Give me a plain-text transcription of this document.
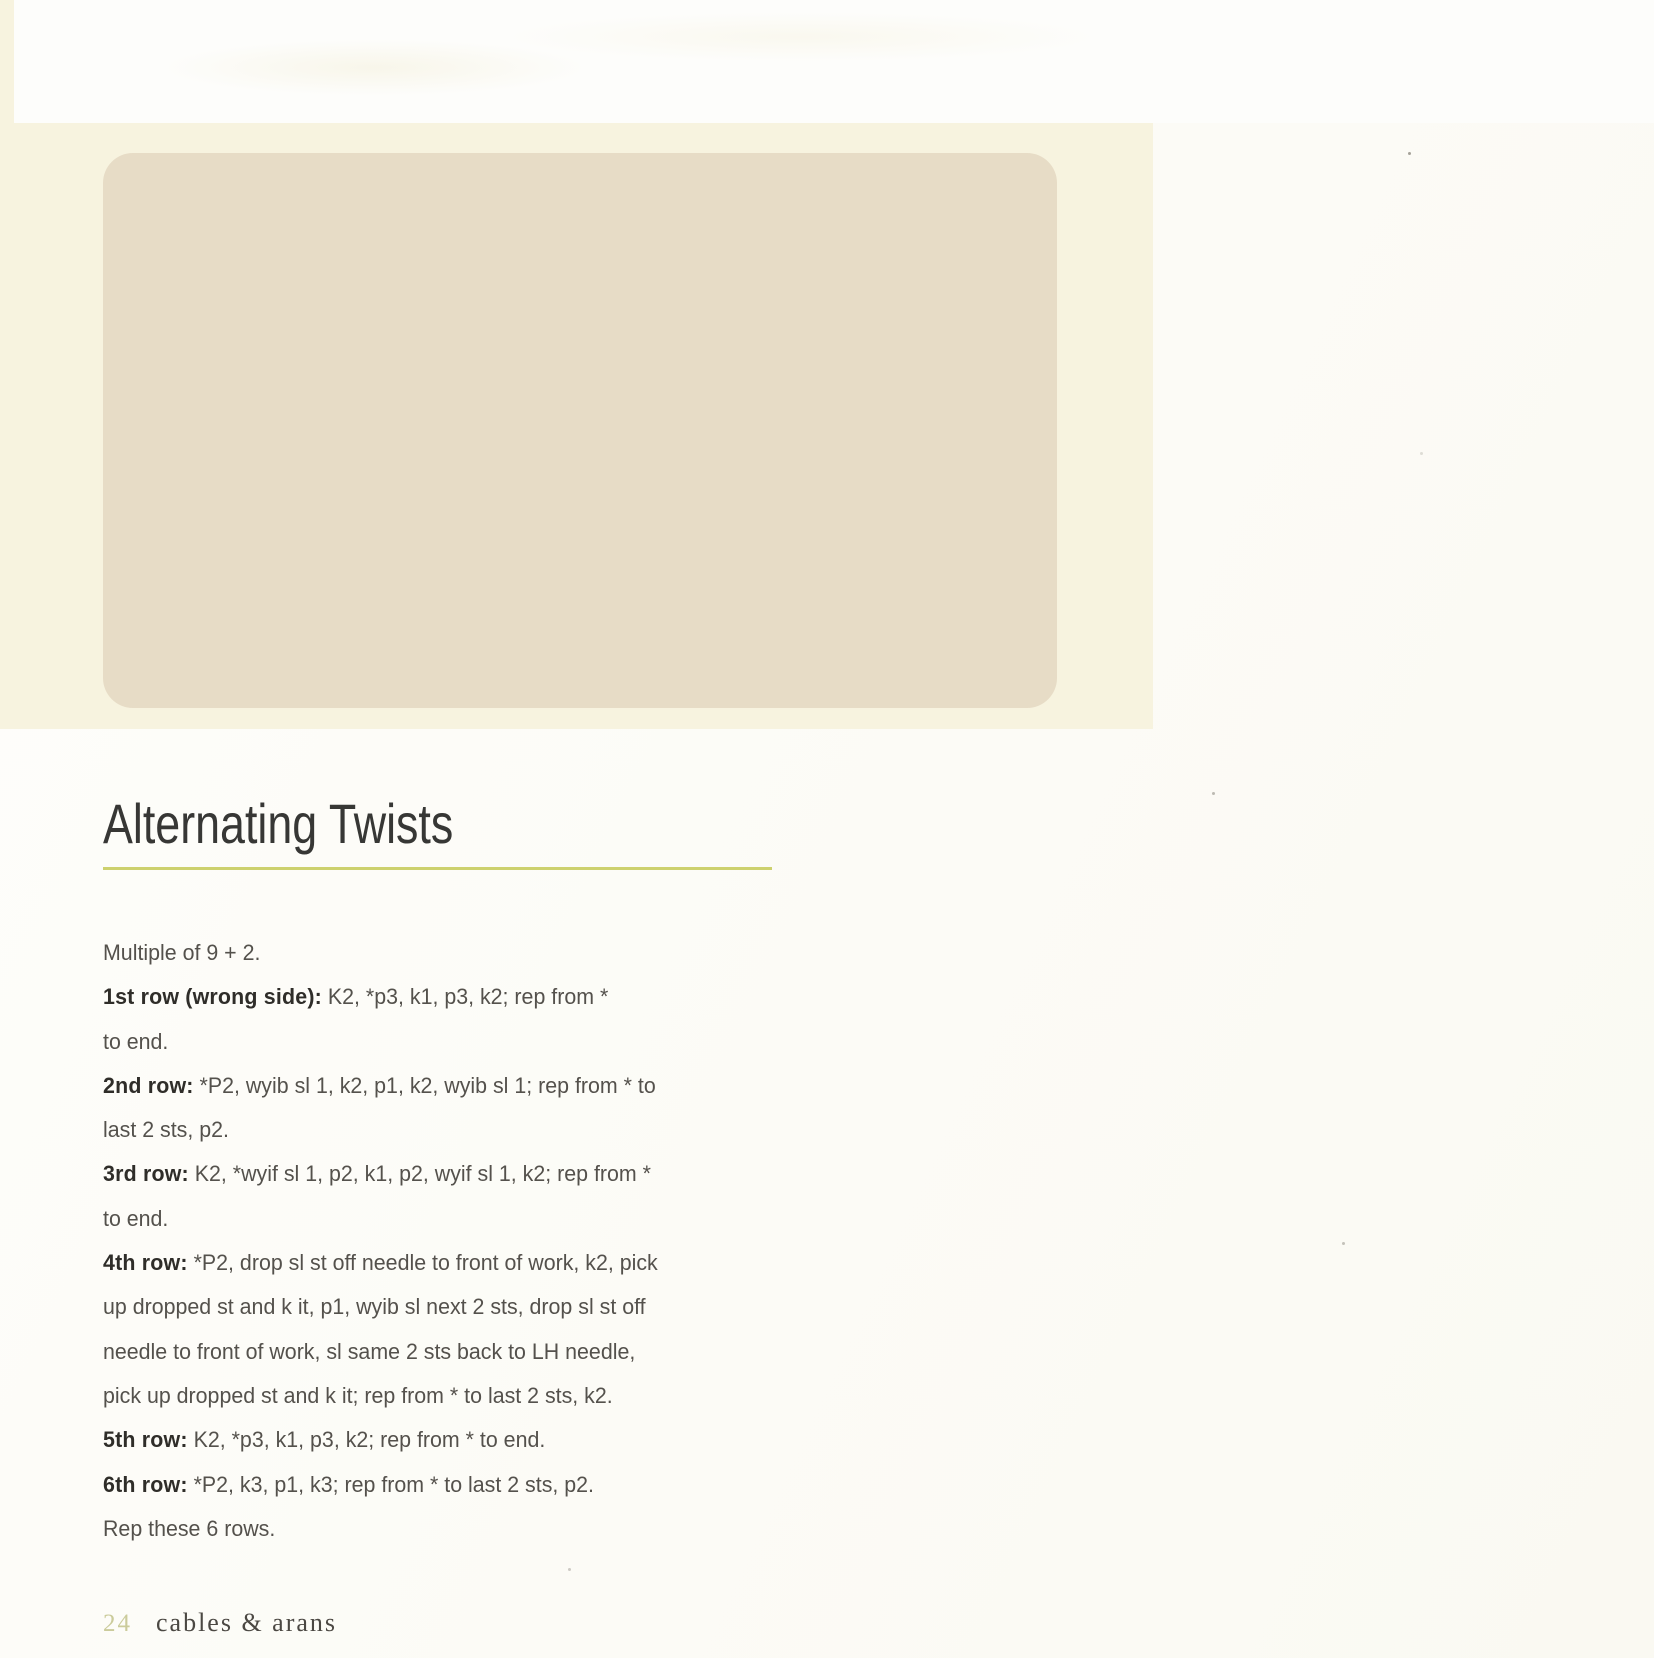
Alternating Twists
Multiple of 9 + 2.
1st row (wrong side): K2, *p3, k1, p3, k2; rep from *
to end.
2nd row: *P2, wyib sl 1, k2, p1, k2, wyib sl 1; rep from * to
last 2 sts, p2.
3rd row: K2, *wyif sl 1, p2, k1, p2, wyif sl 1, k2; rep from *
to end.
4th row: *P2, drop sl st off needle to front of work, k2, pick
up dropped st and k it, p1, wyib sl next 2 sts, drop sl st off
needle to front of work, sl same 2 sts back to LH needle,
pick up dropped st and k it; rep from * to last 2 sts, k2.
5th row: K2, *p3, k1, p3, k2; rep from * to end.
6th row: *P2, k3, p1, k3; rep from * to last 2 sts, p2.
Rep these 6 rows.
24 cables & arans
